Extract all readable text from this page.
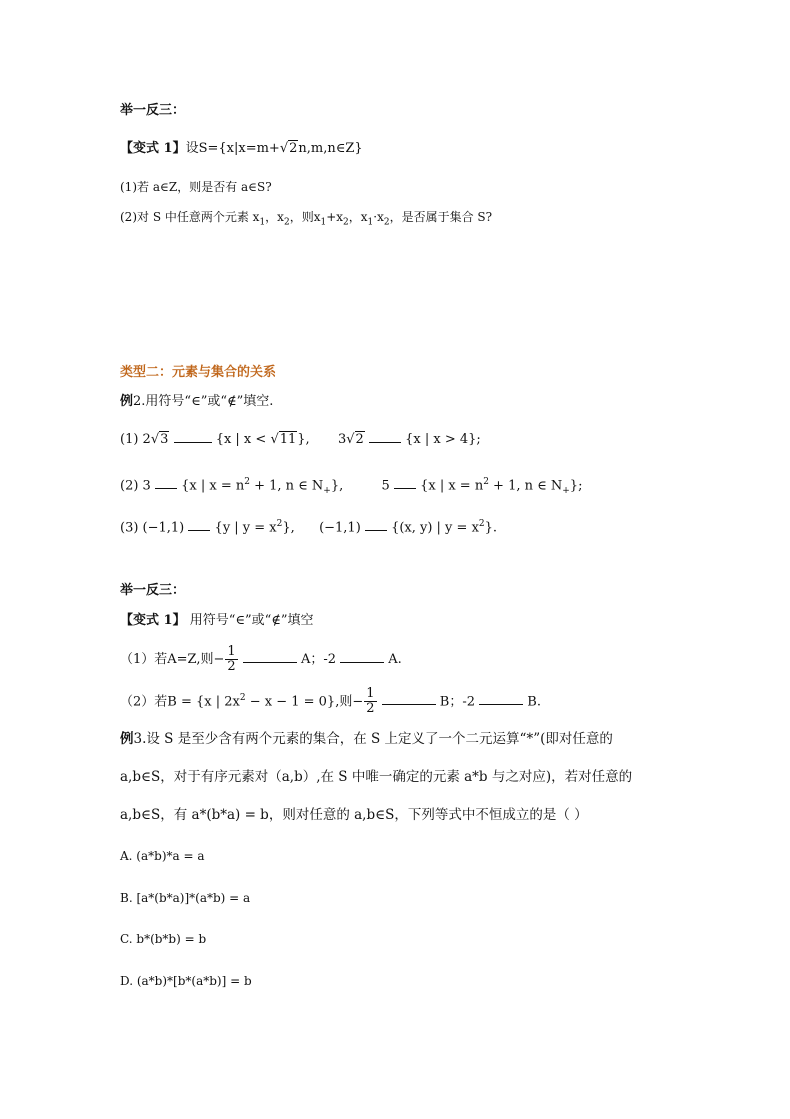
举一反三：
【变式 1】设S={x|x=m+√2n,m,n∈Z}
(1)若 a∈Z，则是否有 a∈S?
(2)对 S 中任意两个元素 $x_1$，$x_2$，则$x_1+x_2$，$x_1\cdot x_2$，是否属于集合 S?
类型二：元素与集合的关系
例2.用符号“∈”或“∉”填空.
(1) 2√3	{x | x < √11}, 3√2	{x | x > 4};
(2) 3 {x | $x = n^2 + 1$, n ∈ $N_+$},	5 {x | $x = n^2 + 1$, n ∈ $N_+$};
(3) (−1,1) {y | $y = x^2$}, (−1,1) {(x, y) | $y = x^2$}.
举一反三：
【变式 1】 用符号“∈”或“∉”填空
（1）若A=Z,则− $\frac{1}{2}$	A；-2	A.
（2）若B = {x | $2x^2 - x - 1 = 0$},则− $\frac{1}{2}$	B；-2	B.
例3.设 S 是至少含有两个元素的集合，在 S 上定义了一个二元运算“*”(即对任意的
a,b∈S，对于有序元素对（a,b）,在 S 中唯一确定的元素 a*b 与之对应)，若对任意的
a,b∈S，有 a*(b*a) = b，则对任意的 a,b∈S，下列等式中不恒成立的是（ ）
A. (a*b)*a = a
B. [a*(b*a)]*(a*b) = a
C. b*(b*b) = b
D. (a*b)*[b*(a*b)] = b
